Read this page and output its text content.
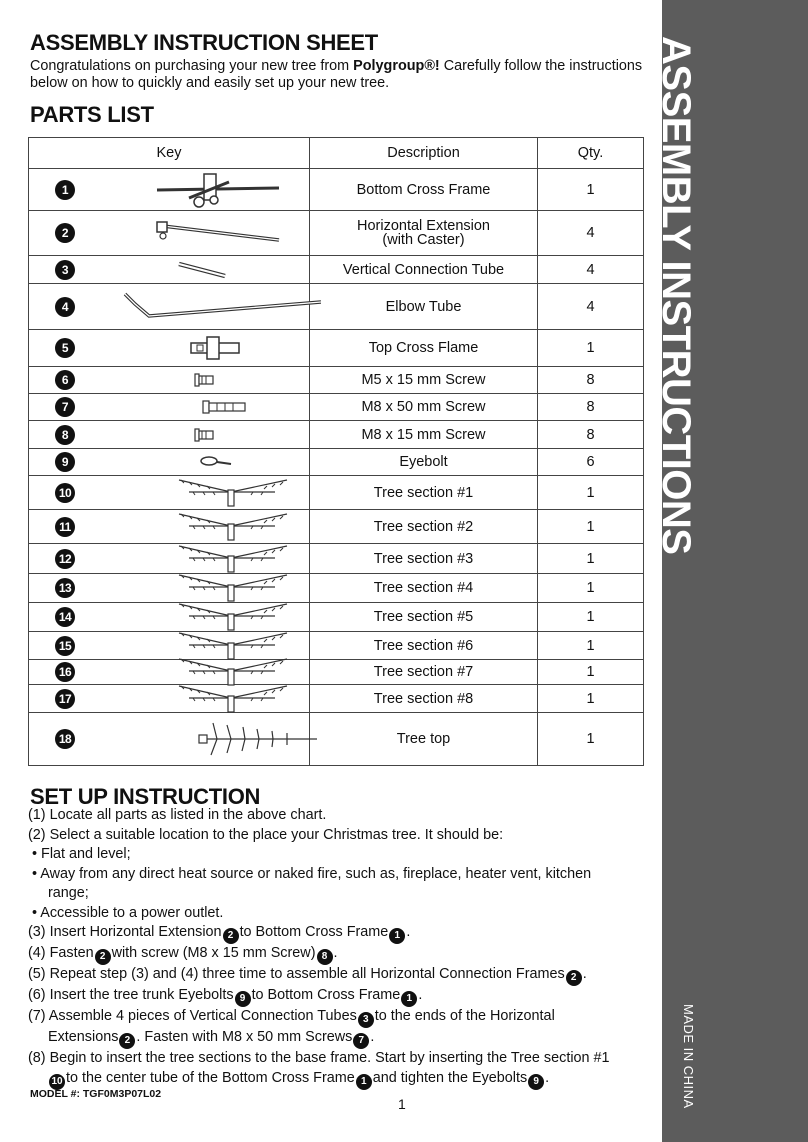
ASSEMBLY INSTRUCTIONS
MADE IN CHINA
ASSEMBLY INSTRUCTION SHEET

Congratulations on purchasing your new tree from Polygroup®! Carefully follow the instructions below on how to quickly and easily set up your new tree.

PARTS LIST
Key	Description	Qty.

1	Bottom Cross Frame	1

2	Horizontal Extension
(with Caster)	4

3	Vertical Connection Tube	4

4	Elbow Tube	4

5	Top Cross Flame	1

6	M5 x 15 mm Screw	8

7	M8 x 50 mm Screw	8

8	M8 x 15 mm Screw	8

9	Eyebolt	6

10	Tree section #1	1

11	Tree section #2	1

12	Tree section #3	1

13	Tree section #4	1

14	Tree section #5	1

15	Tree section #6	1

16	Tree section #7	1

17	Tree section #8	1

18	Tree top	1
SET UP INSTRUCTION
(1) Locate all parts as listed in the above chart.
(2) Select a suitable location to the place your Christmas tree. It should be:
• Flat and level;
• Away from any direct heat source or naked fire, such as, fireplace, heater vent, kitchen
range;
• Accessible to a power outlet.
(3) Insert Horizontal Extension 2 to Bottom Cross Frame 1 .
(4) Fasten 2 with screw (M8 x 15 mm Screw) 8 .
(5) Repeat step (3) and (4) three time to assemble all Horizontal Connection Frames 2 .
(6) Insert the tree trunk Eyebolts 9 to Bottom Cross Frame 1 .
(7) Assemble 4 pieces of Vertical Connection Tubes 3 to the ends of the Horizontal
Extensions 2 . Fasten with M8 x 50 mm Screws 7 .
(8) Begin to insert the tree sections to the base frame. Start by inserting the Tree section #1
10 to the center tube of the Bottom Cross Frame 1 and tighten the Eyebolts 9 .
MODEL #: TGF0M3P07L02
1
